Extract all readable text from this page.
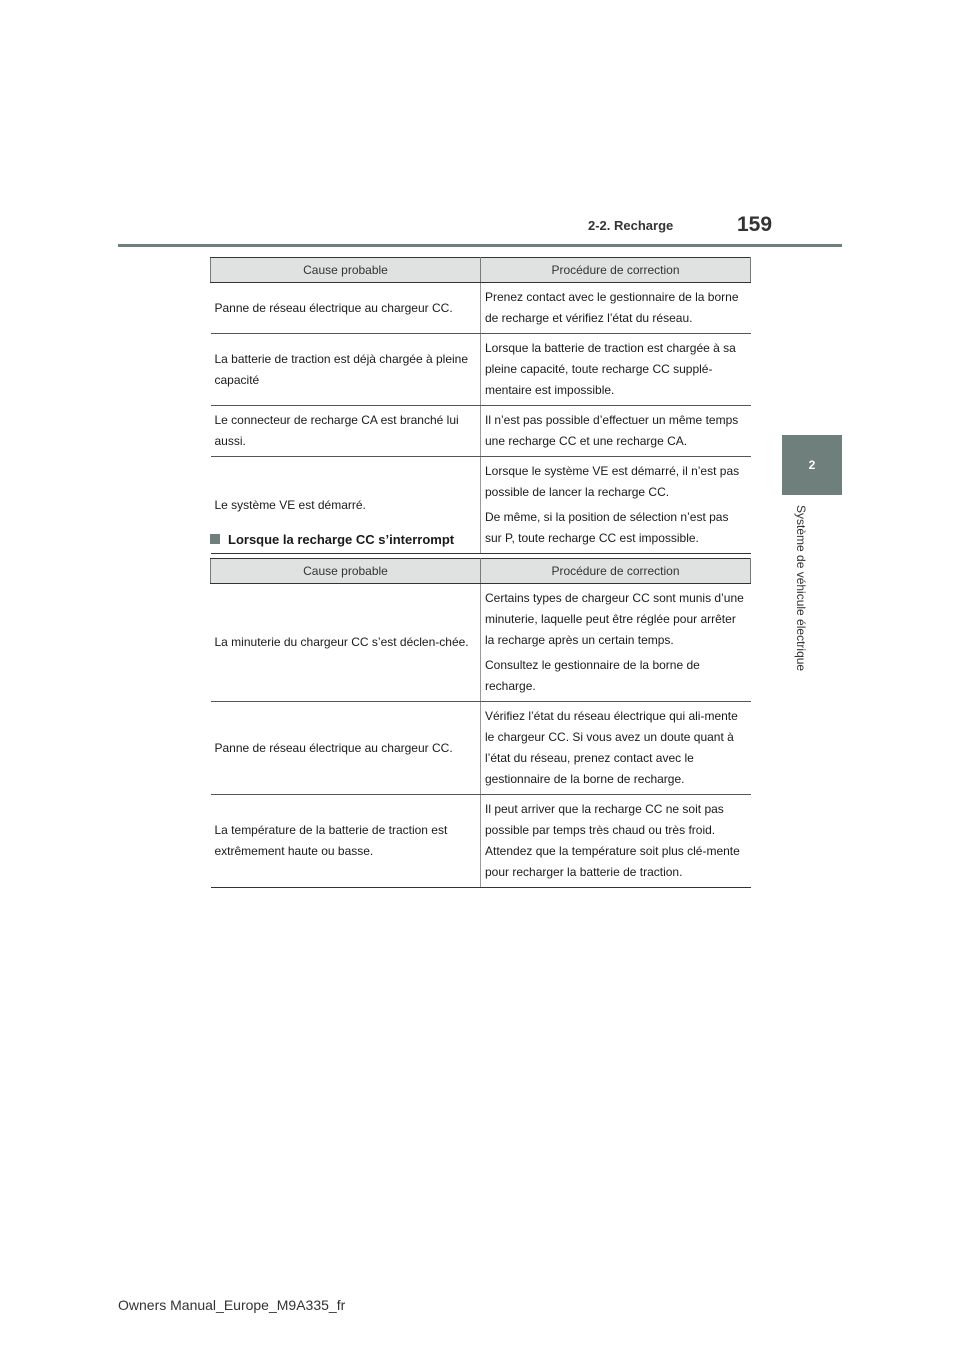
2-2. Recharge	159
2
Système de véhicule électrique
Cause probable	Procédure de correction
Panne de réseau électrique au chargeur CC.	Prenez contact avec le gestionnaire de la borne de recharge et vérifiez l’état du réseau.

La batterie de traction est déjà chargée à pleine capacité	Lorsque la batterie de traction est chargée à sa pleine capacité, toute recharge CC supplé-mentaire est impossible.

Le connecteur de recharge CA est branché lui aussi.	Il n’est pas possible d’effectuer un même temps une recharge CC et une recharge CA.

Le système VE est démarré.	Lorsque le système VE est démarré, il n’est pas possible de lancer la recharge CC.

De même, si la position de sélection n’est pas sur P, toute recharge CC est impossible.

Lorsque la recharge CC s’interrompt
Cause probable	Procédure de correction
La minuterie du chargeur CC s’est déclen-chée.	Certains types de chargeur CC sont munis d’une minuterie, laquelle peut être réglée pour arrêter la recharge après un certain temps.

Consultez le gestionnaire de la borne de recharge.

Panne de réseau électrique au chargeur CC.	Vérifiez l’état du réseau électrique qui ali-mente le chargeur CC. Si vous avez un doute quant à l’état du réseau, prenez contact avec le gestionnaire de la borne de recharge.

La température de la batterie de traction est extrêmement haute ou basse.	Il peut arriver que la recharge CC ne soit pas possible par temps très chaud ou très froid. Attendez que la température soit plus clé-mente pour recharger la batterie de traction.

Owners Manual_Europe_M9A335_fr
